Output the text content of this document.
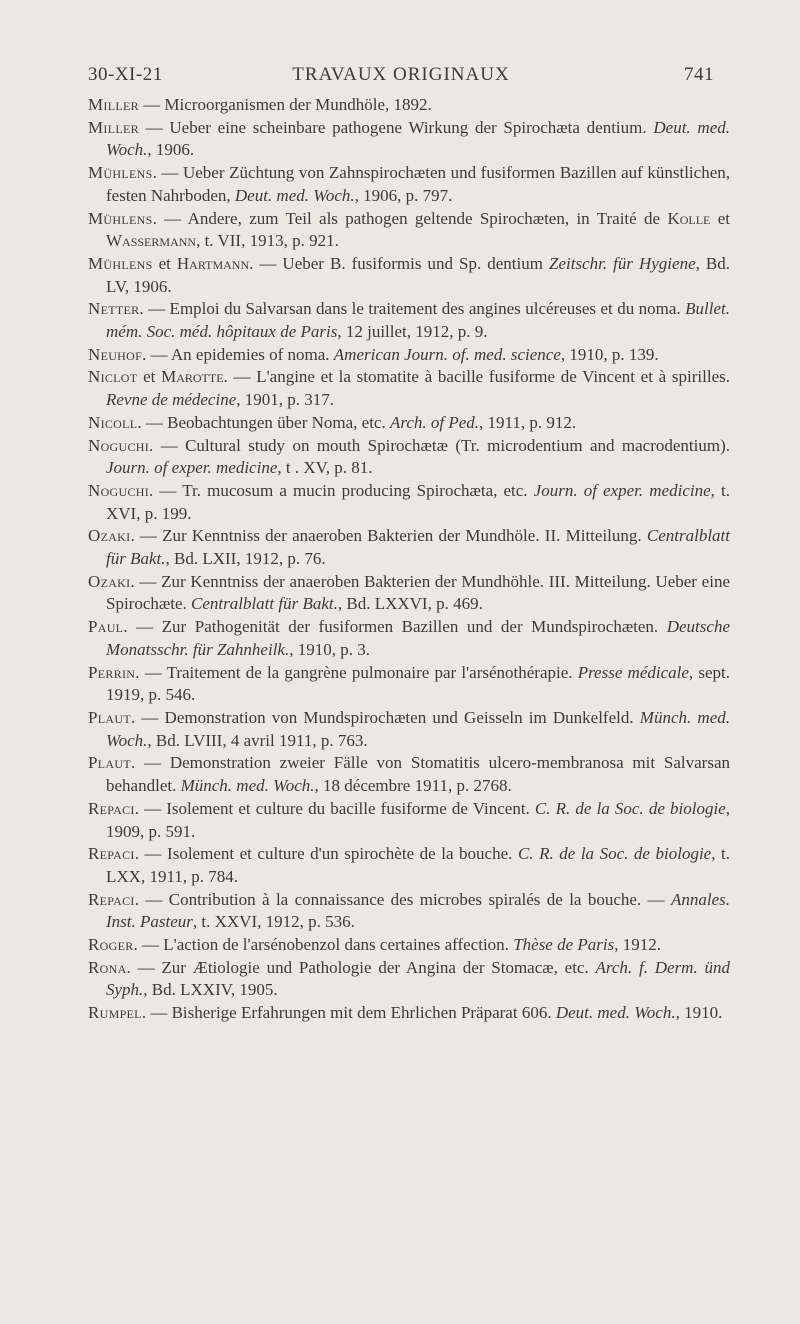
30-XI-21	TRAVAUX ORIGINAUX	741

Miller — Microorganismen der Mundhöle, 1892.

Miller — Ueber eine scheinbare pathogene Wirkung der Spirochæta dentium. Deut. med. Woch., 1906.

Mühlens. — Ueber Züchtung von Zahnspirochæten und fusiformen Bazillen auf künstlichen, festen Nahrboden, Deut. med. Woch., 1906, p. 797.

Mühlens. — Andere, zum Teil als pathogen geltende Spirochæten, in Traité de Kolle et Wassermann, t. VII, 1913, p. 921.

Mühlens et Hartmann. — Ueber B. fusiformis und Sp. dentium Zeitschr. für Hygiene, Bd. LV, 1906.

Netter. — Emploi du Salvarsan dans le traitement des angines ulcéreuses et du noma. Bullet. mém. Soc. méd. hôpitaux de Paris, 12 juillet, 1912, p. 9.

Neuhof. — An epidemies of noma. American Journ. of. med. science, 1910, p. 139.

Niclot et Marotte. — L'angine et la stomatite à bacille fusiforme de Vincent et à spirilles. Revne de médecine, 1901, p. 317.

Nicoll. — Beobachtungen über Noma, etc. Arch. of Ped., 1911, p. 912.

Noguchi. — Cultural study on mouth Spirochætæ (Tr. microdentium and macrodentium). Journ. of exper. medicine, t . XV, p. 81.

Noguchi. — Tr. mucosum a mucin producing Spirochæta, etc. Journ. of exper. medicine, t. XVI, p. 199.

Ozaki. — Zur Kenntniss der anaeroben Bakterien der Mundhöle. II. Mitteilung. Centralblatt für Bakt., Bd. LXII, 1912, p. 76.

Ozaki. — Zur Kenntniss der anaeroben Bakterien der Mundhöhle. III. Mitteilung. Ueber eine Spirochæte. Centralblatt für Bakt., Bd. LXXVI, p. 469.

Paul. — Zur Pathogenität der fusiformen Bazillen und der Mundspirochæten. Deutsche Monatsschr. für Zahnheilk., 1910, p. 3.

Perrin. — Traitement de la gangrène pulmonaire par l'arsénothérapie. Presse médicale, sept. 1919, p. 546.

Plaut. — Demonstration von Mundspirochæten und Geisseln im Dunkelfeld. Münch. med. Woch., Bd. LVIII, 4 avril 1911, p. 763.

Plaut. — Demonstration zweier Fälle von Stomatitis ulcero-membranosa mit Salvarsan behandlet. Münch. med. Woch., 18 décembre 1911, p. 2768.

Repaci. — Isolement et culture du bacille fusiforme de Vincent. C. R. de la Soc. de biologie, 1909, p. 591.

Repaci. — Isolement et culture d'un spirochète de la bouche. C. R. de la Soc. de biologie, t. LXX, 1911, p. 784.

Repaci. — Contribution à la connaissance des microbes spiralés de la bouche. — Annales. Inst. Pasteur, t. XXVI, 1912, p. 536.

Roger. — L'action de l'arsénobenzol dans certaines affection. Thèse de Paris, 1912.

Rona. — Zur Ætiologie und Pathologie der Angina der Stomacæ, etc. Arch. f. Derm. ünd Syph., Bd. LXXIV, 1905.

Rumpel. — Bisherige Erfahrungen mit dem Ehrlichen Präparat 606. Deut. med. Woch., 1910.
